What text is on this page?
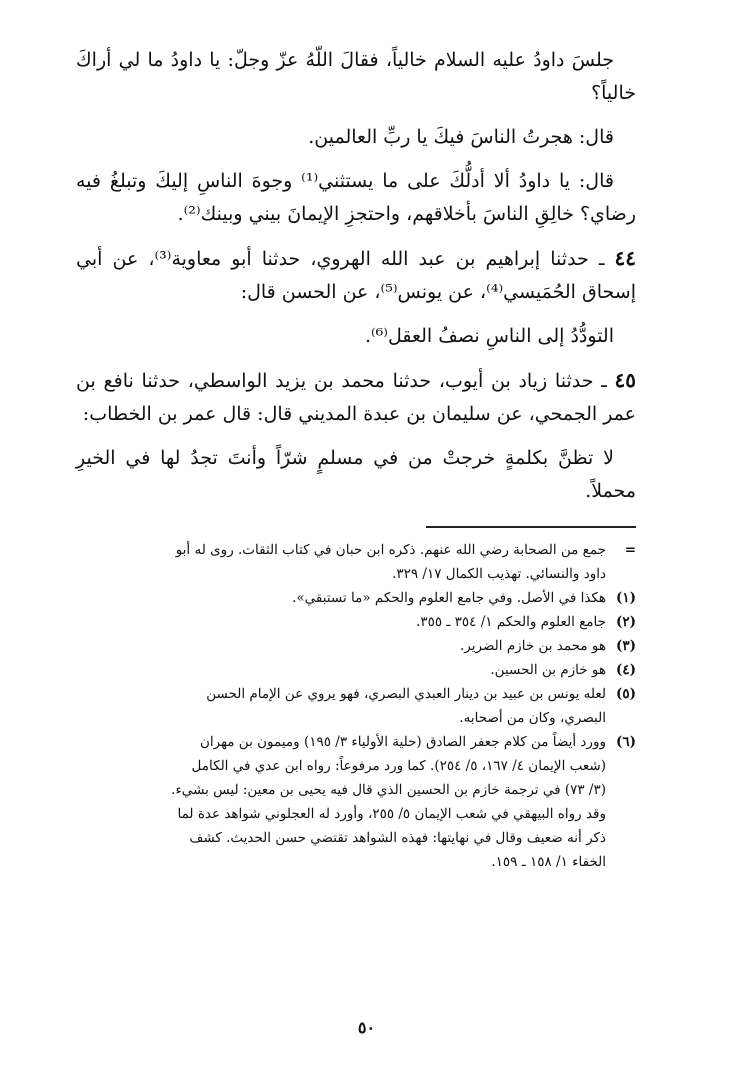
جلسَ داودُ عليه السلام خالياً، فقالَ اللّهُ عزّ وجلّ: يا داودُ ما لي أراكَ خالياً؟

قال: هجرتُ الناسَ فيكَ يا ربِّ العالمين.

قال: يا داودُ ألا أدلُّكَ على ما يستثني⁽¹⁾ وجوهَ الناسِ إليكَ وتبلغُ فيه رضاي؟ خالِقِ الناسَ بأخلاقهم، واحتجزِ الإيمانَ بيني وبينك⁽²⁾.

٤٤ ـ حدثنا إبراهيم بن عبد الله الهروي، حدثنا أبو معاوية⁽³⁾، عن أبي إسحاق الحُمَيسي⁽⁴⁾، عن يونس⁽⁵⁾، عن الحسن قال:

التودُّدُ إلى الناسِ نصفُ العقل⁽⁶⁾.

٤٥ ـ حدثنا زياد بن أيوب، حدثنا محمد بن يزيد الواسطي، حدثنا نافع بن عمر الجمحي، عن سليمان بن عبدة المديني قال: قال عمر بن الخطاب:

لا تظنَّ بكلمةٍ خرجتْ من في مسلمٍ شرّاً وأنتَ تجدُ لها في الخيرِ محملاً.

=
جمع من الصحابة رضي الله عنهم. ذكره ابن حبان في كتاب الثقات. روى له أبو
داود والنسائي. تهذيب الكمال ١٧/ ٣٢٩.
(١)
هكذا في الأصل. وفي جامع العلوم والحكم «ما تستبقي».
(٢)
جامع العلوم والحكم ١/ ٣٥٤ ـ ٣٥٥.
(٣)
هو محمد بن خازم الضرير.
(٤)
هو خازم بن الحسين.
(٥)
لعله يونس بن عبيد بن دينار العبدي البصري، فهو يروي عن الإمام الحسن
البصري، وكان من أصحابه.
(٦)
وورد أيضاً من كلام جعفر الصادق (حلية الأولياء ٣/ ١٩٥) وميمون بن مهران
(شعب الإيمان ٤/ ١٦٧، ٥/ ٢٥٤). كما ورد مرفوعاً: رواه ابن عدي في الكامل
(٣/ ٧٣) في ترجمة خازم بن الحسين الذي قال فيه يحيى بن معين: ليس بشيء.
وقد رواه البيهقي في شعب الإيمان ٥/ ٢٥٥، وأورد له العجلوني شواهد عدة لما
ذكر أنه ضعيف وقال في نهايتها: فهذه الشواهد تقتضي حسن الحديث. كشف
الخفاء ١/ ١٥٨ ـ ١٥٩.
٥٠
